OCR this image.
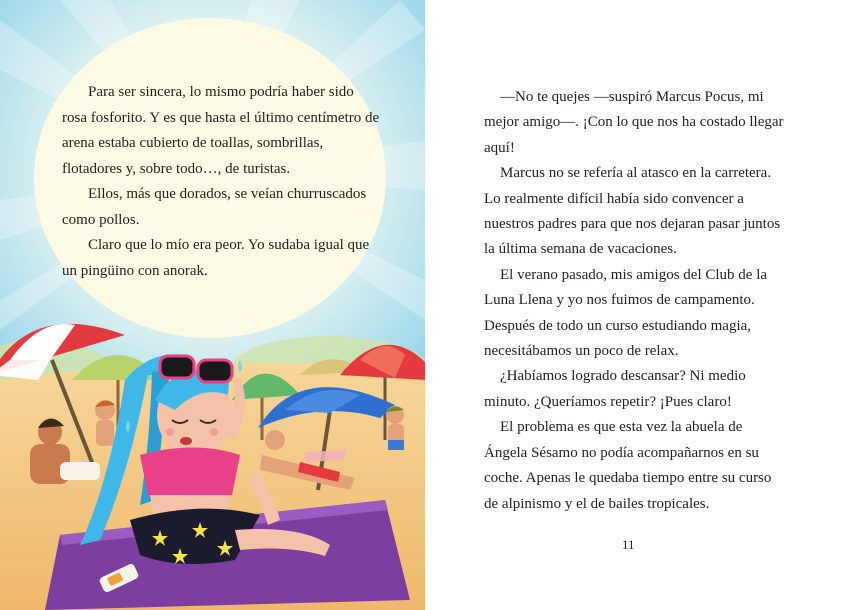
Para ser sincera, lo mismo podría haber sido rosa fosforito. Y es que hasta el último centímetro de arena estaba cubierto de toallas, sombrillas, flotadores y, sobre todo…, de turistas.

Ellos, más que dorados, se veían churruscados como pollos.

Claro que lo mío era peor. Yo sudaba igual que un pingüino con anorak.

—No te quejes —suspiró Marcus Pocus, mi mejor amigo—. ¡Con lo que nos ha costado llegar aquí!

Marcus no se refería al atasco en la carretera. Lo realmente difícil había sido convencer a nuestros padres para que nos dejaran pasar juntos la última semana de vacaciones.

El verano pasado, mis amigos del Club de la Luna Llena y yo nos fuimos de campamento. Después de todo un curso estudiando magia, necesitábamos un poco de relax.

¿Habíamos logrado descansar? Ni medio minuto. ¿Queríamos repetir? ¡Pues claro!

El problema es que esta vez la abuela de Ángela Sésamo no podía acompañarnos en su coche. Apenas le quedaba tiempo entre su curso de alpinismo y el de bailes tropicales.

11
